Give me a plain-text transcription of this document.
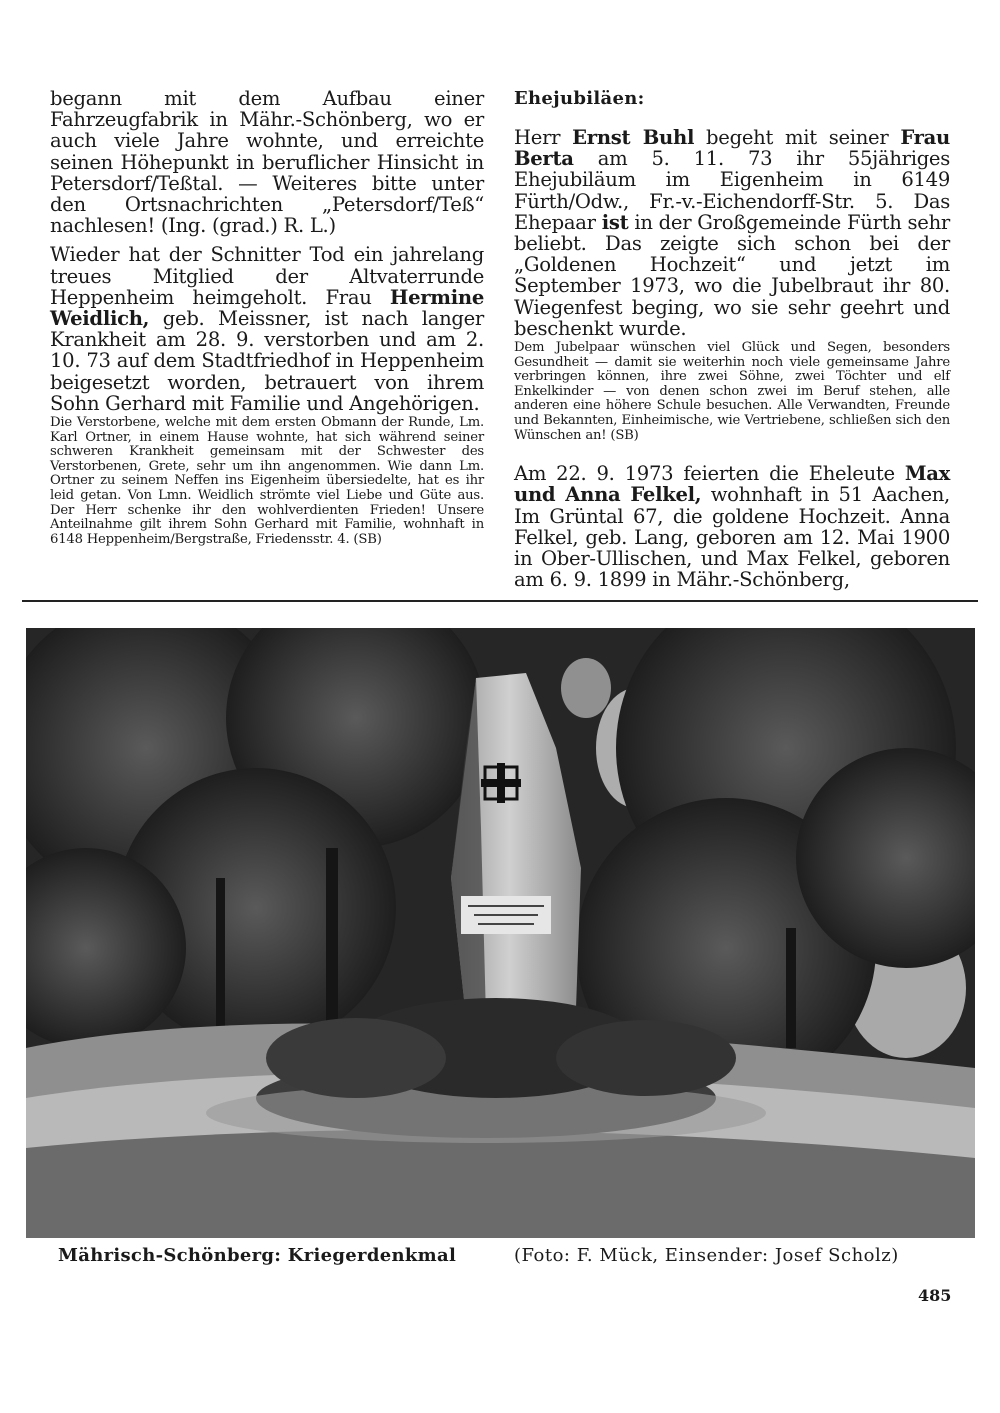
begann mit dem Aufbau einer Fahrzeugfabrik in Mähr.-Schönberg, wo er auch viele Jahre wohnte, und erreichte seinen Höhepunkt in beruflicher Hinsicht in Petersdorf/Teßtal. — Weiteres bitte unter den Ortsnachrichten „Petersdorf/Teß“ nachlesen! (Ing. (grad.) R. L.)

Wieder hat der Schnitter Tod ein jahrelang treues Mitglied der Altvaterrunde Heppenheim heimgeholt. Frau Hermine Weidlich, geb. Meissner, ist nach langer Krankheit am 28. 9. verstorben und am 2. 10. 73 auf dem Stadtfriedhof in Heppenheim beigesetzt worden, betrauert von ihrem Sohn Gerhard mit Familie und Angehörigen.

Die Verstorbene, welche mit dem ersten Obmann der Runde, Lm. Karl Ortner, in einem Hause wohnte, hat sich während seiner schweren Krankheit gemeinsam mit der Schwester des Verstorbenen, Grete, sehr um ihn angenommen. Wie dann Lm. Ortner zu seinem Neffen ins Eigenheim übersiedelte, hat es ihr leid getan. Von Lmn. Weidlich strömte viel Liebe und Güte aus. Der Herr schenke ihr den wohlverdienten Frieden! Unsere Anteilnahme gilt ihrem Sohn Gerhard mit Familie, wohnhaft in 6148 Heppenheim/Bergstraße, Friedensstr. 4. (SB)

Ehejubiläen:

Herr Ernst Buhl begeht mit seiner Frau Berta am 5. 11. 73 ihr 55jähriges Ehejubiläum im Eigenheim in 6149 Fürth/Odw., Fr.-v.-Eichendorff-Str. 5. Das Ehepaar ist in der Großgemeinde Fürth sehr beliebt. Das zeigte sich schon bei der „Goldenen Hochzeit“ und jetzt im September 1973, wo die Jubelbraut ihr 80. Wiegenfest beging, wo sie sehr geehrt und beschenkt wurde.

Dem Jubelpaar wünschen viel Glück und Segen, besonders Gesundheit — damit sie weiterhin noch viele gemeinsame Jahre verbringen können, ihre zwei Söhne, zwei Töchter und elf Enkelkinder — von denen schon zwei im Beruf stehen, alle anderen eine höhere Schule besuchen. Alle Verwandten, Freunde und Bekannten, Einheimische, wie Vertriebene, schließen sich den Wünschen an! (SB)

Am 22. 9. 1973 feierten die Eheleute Max und Anna Felkel, wohnhaft in 51 Aachen, Im Grüntal 67, die goldene Hochzeit. Anna Felkel, geb. Lang, geboren am 12. Mai 1900 in Ober-Ullischen, und Max Felkel, geboren am 6. 9. 1899 in Mähr.-Schönberg,

Mährisch-Schönberg: Kriegerdenkmal	(Foto: F. Mück, Einsender: Josef Scholz)
485
